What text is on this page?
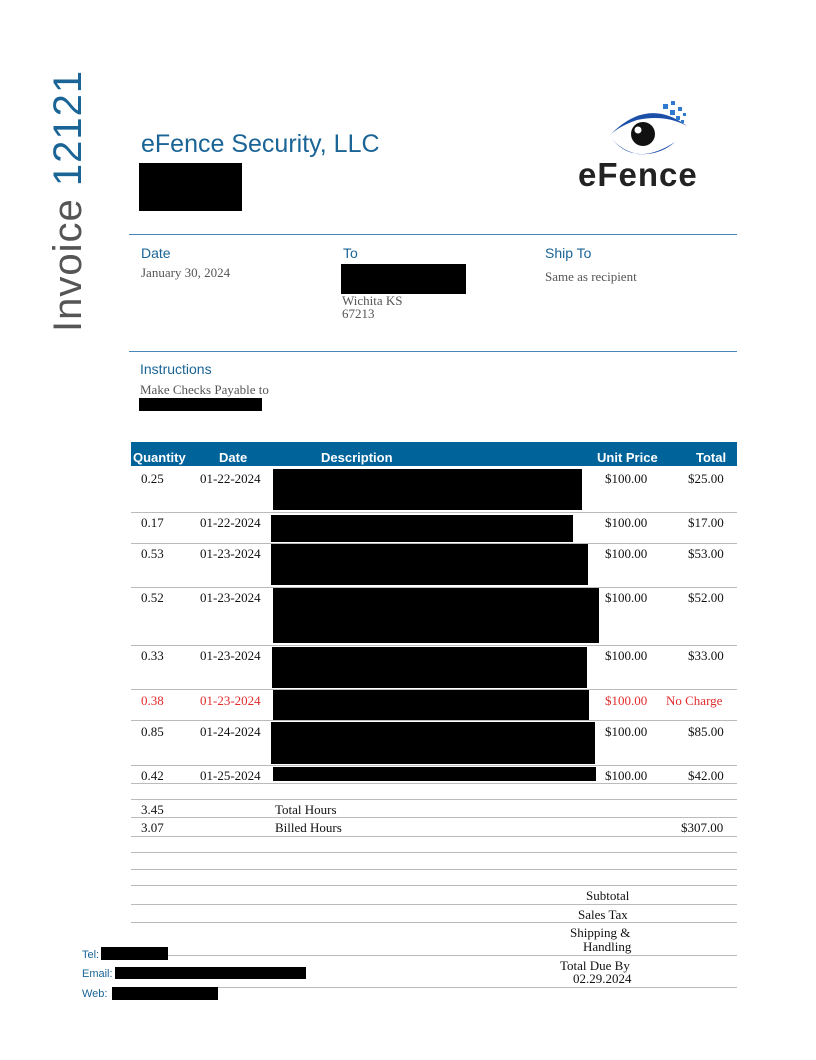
Invoice 12121 eFence Security, LLC
eFence
Date
January 30, 2024
To
Wichita KS
67213
Ship To
Same as recipient
Instructions
Make Checks Payable to
Quantity	Date	Description	Unit Price	Total
0.25	01-22-2024	$100.00	$25.00
0.17	01-22-2024	$100.00	$17.00
0.53	01-23-2024	$100.00	$53.00
0.52	01-23-2024	$100.00	$52.00
0.33	01-23-2024	$100.00	$33.00
0.38	01-23-2024	$100.00 No Charge
0.85	01-24-2024	$100.00	$85.00
0.42	01-25-2024	$100.00	$42.00
3.45	Total Hours
3.07	Billed Hours	$307.00
Subtotal
Sales Tax
Shipping &
Handling
Total Due By
02.29.2024
Tel:
Email:
Web:
